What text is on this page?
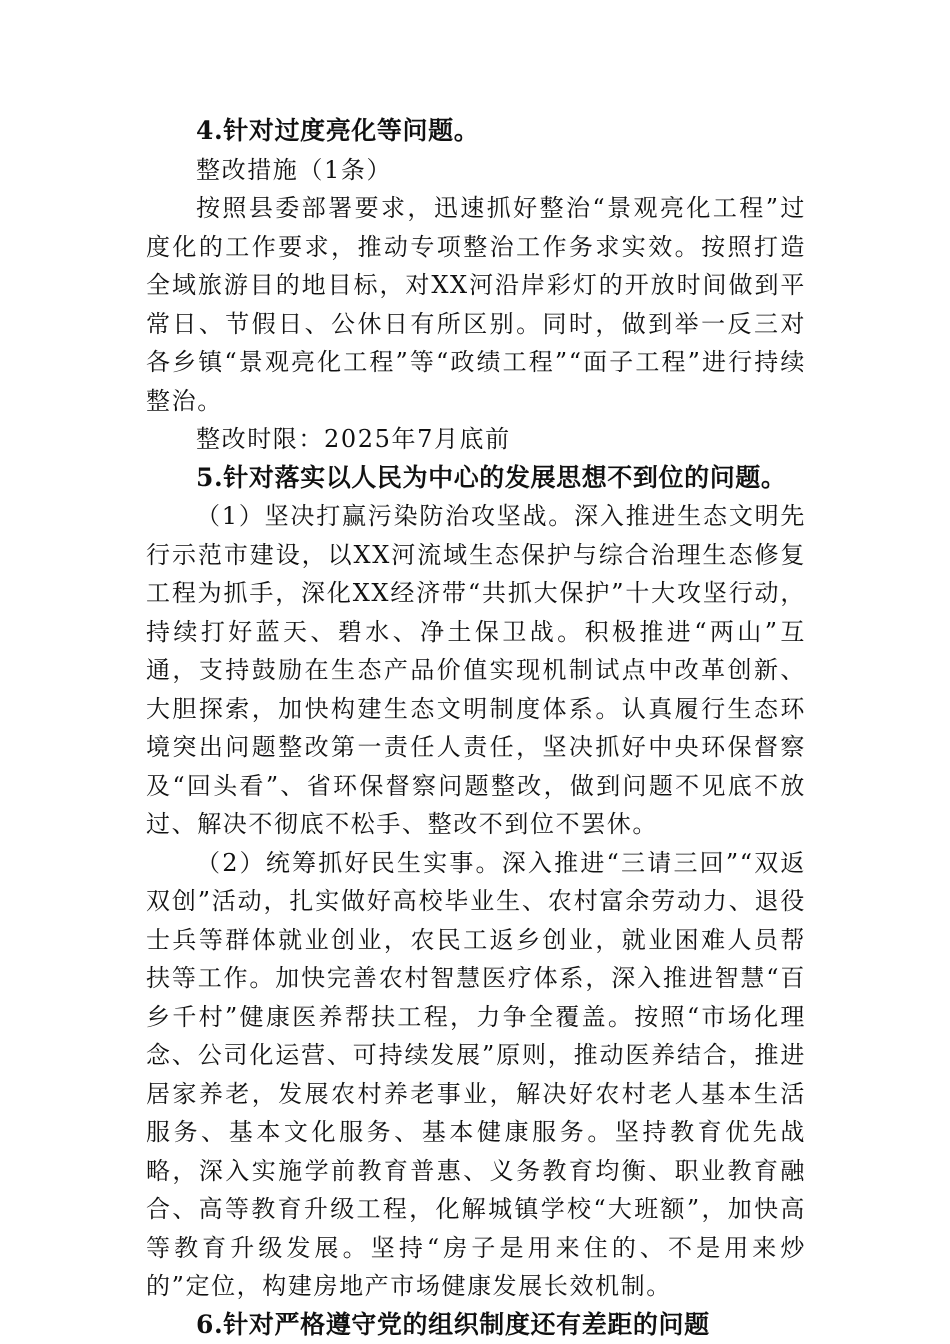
4.针对过度亮化等问题。

整改措施（1条）

按照县委部署要求，迅速抓好整治“景观亮化工程”过度化的工作要求，推动专项整治工作务求实效。按照打造全域旅游目的地目标，对XX河沿岸彩灯的开放时间做到平常日、节假日、公休日有所区别。同时，做到举一反三对各乡镇“景观亮化工程”等“政绩工程”“面子工程”进行持续整治。

整改时限：2025年7月底前

5.针对落实以人民为中心的发展思想不到位的问题。

（1）坚决打赢污染防治攻坚战。深入推进生态文明先行示范市建设，以XX河流域生态保护与综合治理生态修复工程为抓手，深化XX经济带“共抓大保护”十大攻坚行动，持续打好蓝天、碧水、净土保卫战。积极推进“两山”互通，支持鼓励在生态产品价值实现机制试点中改革创新、大胆探索，加快构建生态文明制度体系。认真履行生态环境突出问题整改第一责任人责任，坚决抓好中央环保督察及“回头看”、省环保督察问题整改，做到问题不见底不放过、解决不彻底不松手、整改不到位不罢休。

（2）统筹抓好民生实事。深入推进“三请三回”“双返双创”活动，扎实做好高校毕业生、农村富余劳动力、退役士兵等群体就业创业，农民工返乡创业，就业困难人员帮扶等工作。加快完善农村智慧医疗体系，深入推进智慧“百乡千村”健康医养帮扶工程，力争全覆盖。按照“市场化理念、公司化运营、可持续发展”原则，推动医养结合，推进居家养老，发展农村养老事业，解决好农村老人基本生活服务、基本文化服务、基本健康服务。坚持教育优先战略，深入实施学前教育普惠、义务教育均衡、职业教育融合、高等教育升级工程，化解城镇学校“大班额”，加快高等教育升级发展。坚持“房子是用来住的、不是用来炒的”定位，构建房地产市场健康发展长效机制。

6.针对严格遵守党的组织制度还有差距的问题
